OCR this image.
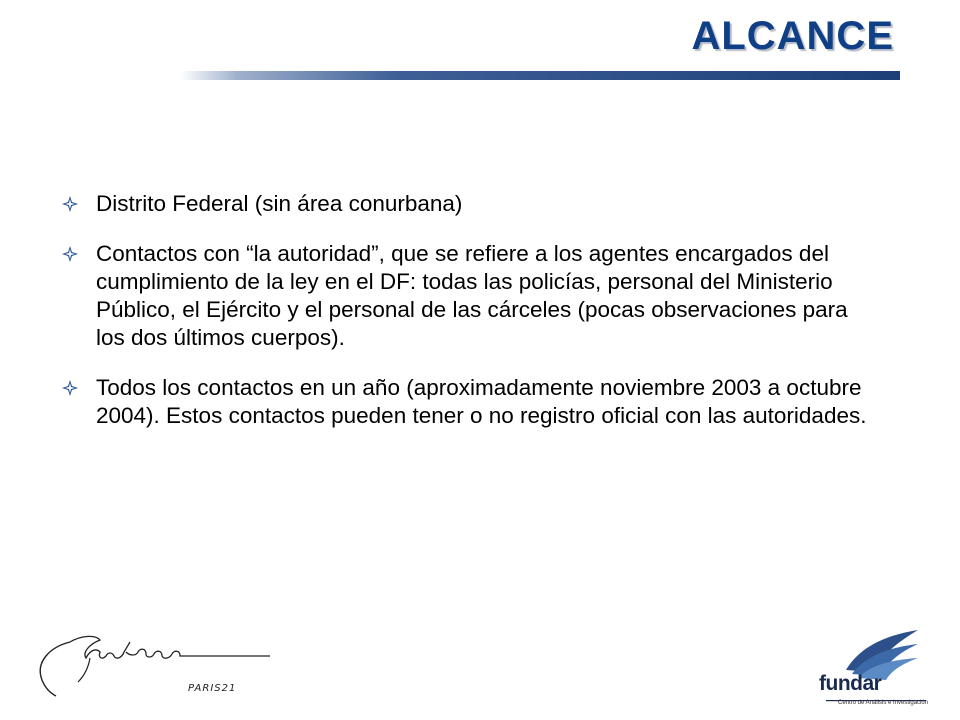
ALCANCE
Distrito Federal (sin área conurbana)
Contactos con “la autoridad”, que se refiere a los agentes encargados del cumplimiento de la ley en el DF: todas las policías, personal del Ministerio Público, el Ejército y el personal de las cárceles (pocas observaciones para los dos últimos cuerpos).
Todos los contactos en un año (aproximadamente noviembre 2003 a octubre 2004). Estos contactos pueden tener o no registro oficial con las autoridades.
PARIS21	fundar
Centro de Análisis e Investigación
